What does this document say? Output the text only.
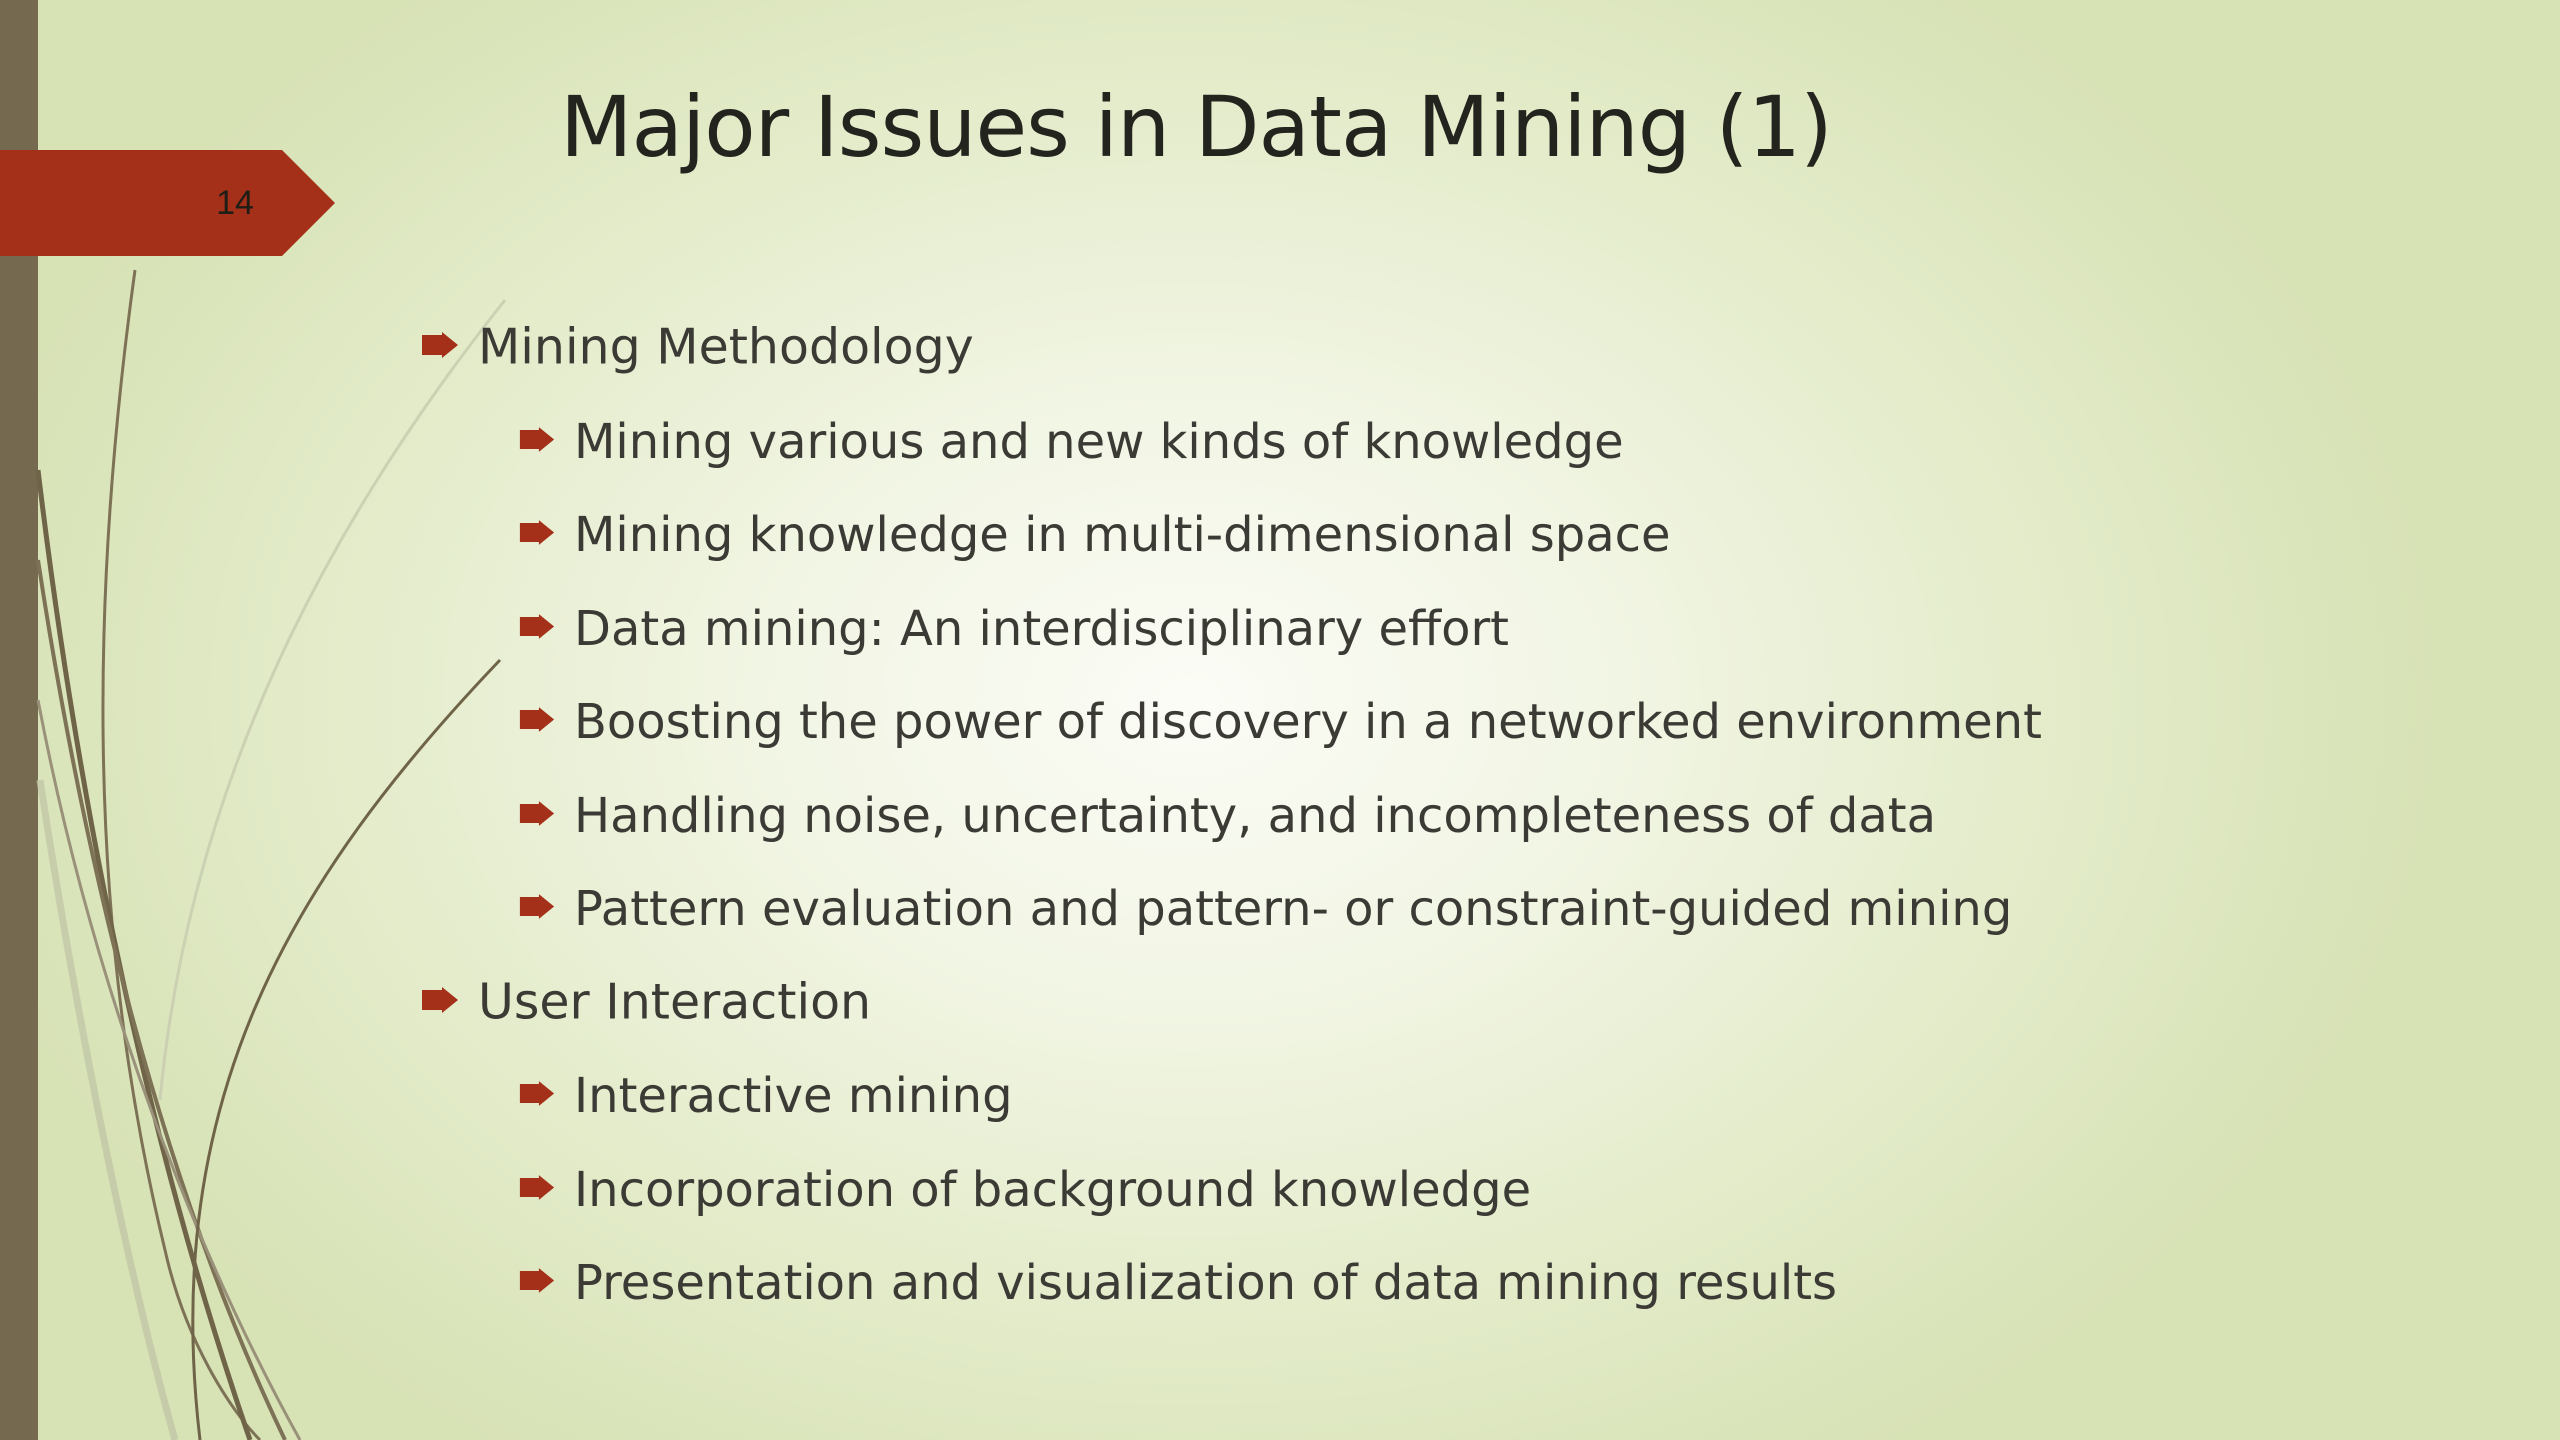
14
Major Issues in Data Mining (1)
Mining Methodology
Mining various and new kinds of knowledge
Mining knowledge in multi-dimensional space
Data mining: An interdisciplinary effort
Boosting the power of discovery in a networked environment
Handling noise, uncertainty, and incompleteness of data
Pattern evaluation and pattern- or constraint-guided mining
User Interaction
Interactive mining
Incorporation of background knowledge
Presentation and visualization of data mining results
